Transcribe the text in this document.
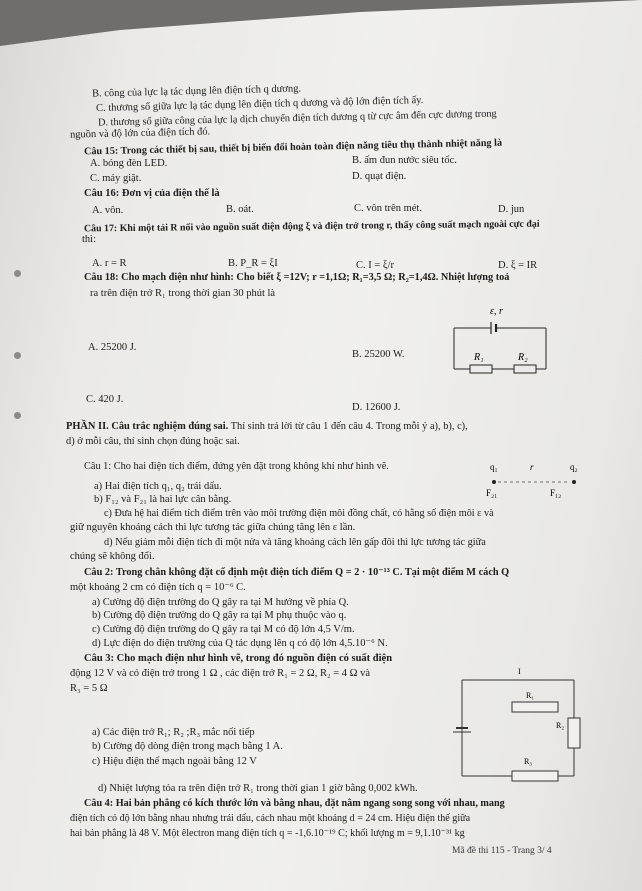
B. công của lực lạ tác dụng lên điện tích q dương.
C. thương số giữa lực lạ tác dụng lên điện tích q dương và độ lớn điện tích ấy.
D. thương số giữa công của lực lạ dịch chuyển điện tích dương q từ cực âm đến cực dương trong
nguồn và độ lớn của điện tích đó.
Câu 15: Trong các thiết bị sau, thiết bị biến đổi hoàn toàn điện năng tiêu thụ thành nhiệt năng là
A. bóng đèn LED.	B. ấm đun nước siêu tốc.
C. máy giặt.	D. quạt điện.
Câu 16: Đơn vị của điện thế là
A. vôn.	B. oát.	C. vôn trên mét.	D. jun
Câu 17: Khi một tải R nối vào nguồn suất điện động ξ và điện trở trong r, thấy công suất mạch ngoài cực đại
thì:
A. r = R	B. P_R = ξI	C. I = ξ/r	D. ξ = IR
Câu 18: Cho mạch điện như hình: Cho biết ξ =12V; r =1,1Ω; R₁=3,5 Ω; R₂=1,4Ω. Nhiệt lượng toả
ra trên điện trở R₁ trong thời gian 30 phút là
ε, r
R₁	R₂
A. 25200 J.
B. 25200 W.
C. 420 J.
D. 12600 J.
PHẦN II. Câu trắc nghiệm đúng sai. Thí sinh trả lời từ câu 1 đến câu 4. Trong mỗi ý a), b), c),
d) ở mỗi câu, thí sinh chọn đúng hoặc sai.
Câu 1: Cho hai điện tích điểm, đứng yên đặt trong không khí như hình vẽ.	q₁	r	q₂
F₂₁	F₁₂
a) Hai điện tích q₁, q₂ trái dấu.
b) F₁₂ và F₂₁ là hai lực cân bằng.
c) Đưa hệ hai điểm tích điểm trên vào môi trường điện môi đồng chất, có hằng số điện môi ε và
giữ nguyên khoảng cách thì lực tương tác giữa chúng tăng lên ε lần.
d) Nếu giảm mỗi điện tích đi một nửa và tăng khoảng cách lên gấp đôi thì lực tương tác giữa
chúng sẽ không đổi.
Câu 2: Trong chân không đặt cố định một điện tích điểm Q = 2 · 10⁻¹³ C. Tại một điểm M cách Q
một khoảng 2 cm có điện tích q = 10⁻⁶ C.
a) Cường độ điện trường do Q gây ra tại M hướng về phía Q.
b) Cường độ điện trường do Q gây ra tại M phụ thuộc vào q.
c) Cường độ điện trường do Q gây ra tại M có độ lớn 4,5 V/m.
d) Lực điện do điện trường của Q tác dụng lên q có độ lớn 4,5.10⁻⁶ N.
Câu 3: Cho mạch điện như hình vẽ, trong đó nguồn điện có suất điện
động 12 V và có điện trở trong 1 Ω , các điện trở R₁ = 2 Ω, R₂ = 4 Ω và
R₃ = 5 Ω
I
R₁
R₂
R₃
a) Các điện trở R₁; R₂ ;R₃ mắc nối tiếp
b) Cường độ dòng điện trong mạch bằng 1 A.
c) Hiệu điện thế mạch ngoài bằng 12 V
d) Nhiệt lượng tỏa ra trên điện trở R₁ trong thời gian 1 giờ bằng 0,002 kWh.
Câu 4: Hai bản phẳng có kích thước lớn và bằng nhau, đặt nằm ngang song song với nhau, mang
điện tích có độ lớn bằng nhau nhưng trái dấu, cách nhau một khoảng d = 24 cm. Hiệu điện thế giữa
hai bản phẳng là 48 V. Một êlectron mang điện tích q = -1,6.10⁻¹⁹ C; khối lượng m = 9,1.10⁻³¹ kg
Mã đề thi 115 - Trang 3/ 4
